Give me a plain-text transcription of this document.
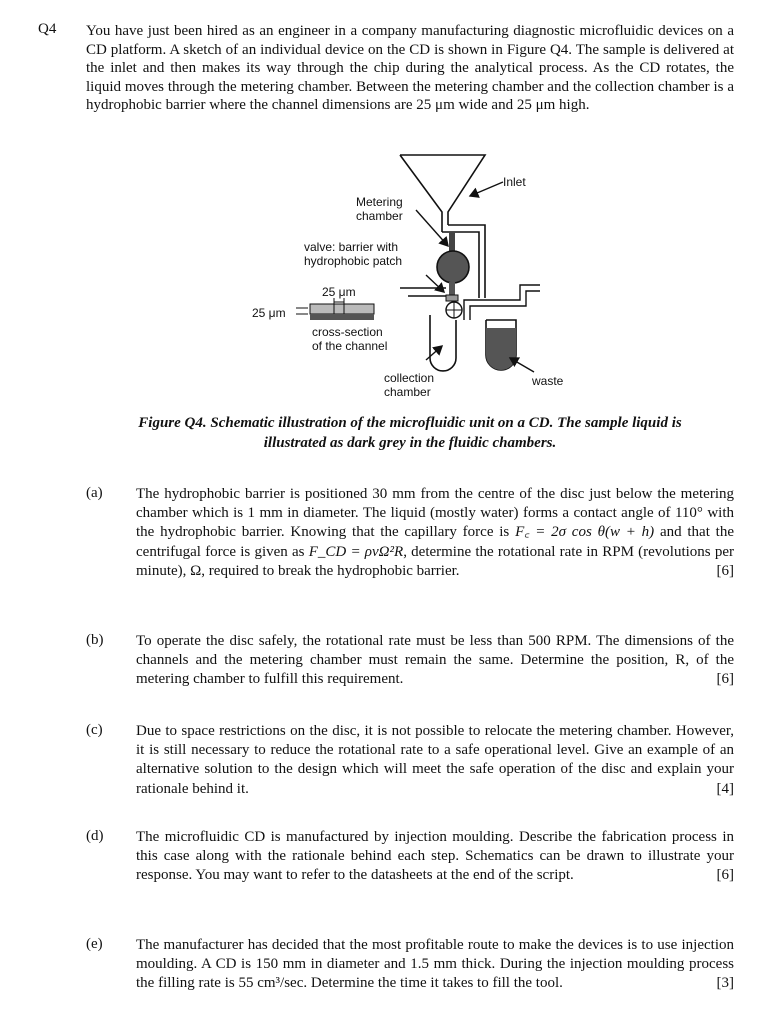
Q4 You have just been hired as an engineer in a company manufacturing diagnostic microfluidic devices on a CD platform. A sketch of an individual device on the CD is shown in Figure Q4. The sample is delivered at the inlet and then makes its way through the chip during the analytical process. As the CD rotates, the liquid moves through the metering chamber. Between the metering chamber and the collection chamber is a hydrophobic barrier where the channel dimensions are 25 μm wide and 25 μm high.
Inlet
Metering
chamber
valve: barrier with
hydrophobic patch
25 μm
25 μm
cross-section
of the channel
collection
chamber
waste
Figure Q4. Schematic illustration of the microfluidic unit on a CD. The sample liquid is
illustrated as dark grey in the fluidic chambers.
(a) The hydrophobic barrier is positioned 30 mm from the centre of the disc just below the metering chamber which is 1 mm in diameter. The liquid (mostly water) forms a contact angle of 110° with the hydrophobic barrier. Knowing that the capillary force is F꜀ = 2σ cos θ(w + h) and that the centrifugal force is given as F_CD = ρvΩ²R, determine the rotational rate in RPM (revolutions per minute), Ω, required to break the hydrophobic barrier.	[6]
(b) To operate the disc safely, the rotational rate must be less than 500 RPM. The dimensions of the channels and the metering chamber must remain the same. Determine the position, R, of the metering chamber to fulfill this requirement.	[6]
(c) Due to space restrictions on the disc, it is not possible to relocate the metering chamber. However, it is still necessary to reduce the rotational rate to a safe operational level. Give an example of an alternative solution to the design which will meet the safe operation of the disc and explain your rationale behind it.	[4]
(d) The microfluidic CD is manufactured by injection moulding. Describe the fabrication process in this case along with the rationale behind each step. Schematics can be drawn to illustrate your response. You may want to refer to the datasheets at the end of the script.	[6]
(e) The manufacturer has decided that the most profitable route to make the devices is to use injection moulding. A CD is 150 mm in diameter and 1.5 mm thick. During the injection moulding process the filling rate is 55 cm³/sec. Determine the time it takes to fill the tool.	[3]
